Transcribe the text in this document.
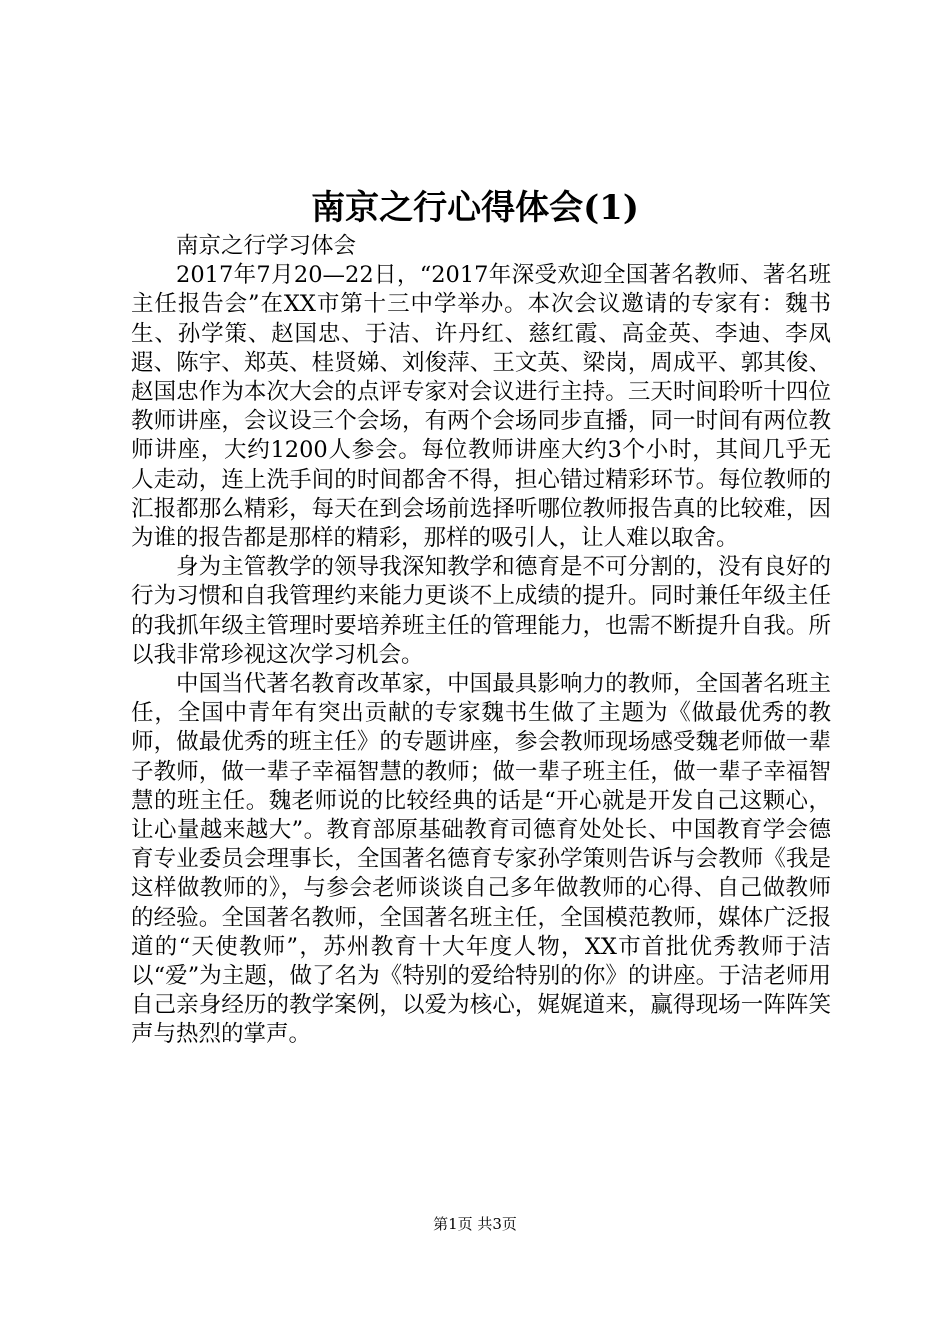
南京之行心得体会(1)

南京之行学习体会

2017年7月20—22日，“2017年深受欢迎全国著名教师、著名班主任报告会”在XX市第十三中学举办。本次会议邀请的专家有：魏书生、孙学策、赵国忠、于洁、许丹红、慈红霞、高金英、李迪、李凤遐、陈宇、郑英、桂贤娣、刘俊萍、王文英、梁岗，周成平、郭其俊、赵国忠作为本次大会的点评专家对会议进行主持。三天时间聆听十四位教师讲座，会议设三个会场，有两个会场同步直播，同一时间有两位教师讲座，大约1200人参会。每位教师讲座大约3个小时，其间几乎无人走动，连上洗手间的时间都舍不得，担心错过精彩环节。每位教师的汇报都那么精彩，每天在到会场前选择听哪位教师报告真的比较难，因为谁的报告都是那样的精彩，那样的吸引人，让人难以取舍。

身为主管教学的领导我深知教学和德育是不可分割的，没有良好的行为习惯和自我管理约来能力更谈不上成绩的提升。同时兼任年级主任的我抓年级主管理时要培养班主任的管理能力，也需不断提升自我。所以我非常珍视这次学习机会。

中国当代著名教育改革家，中国最具影响力的教师，全国著名班主任，全国中青年有突出贡献的专家魏书生做了主题为《做最优秀的教师，做最优秀的班主任》的专题讲座，参会教师现场感受魏老师做一辈子教师，做一辈子幸福智慧的教师；做一辈子班主任，做一辈子幸福智慧的班主任。魏老师说的比较经典的话是“开心就是开发自己这颗心，让心量越来越大”。教育部原基础教育司德育处处长、中国教育学会德育专业委员会理事长，全国著名德育专家孙学策则告诉与会教师《我是这样做教师的》，与参会老师谈谈自己多年做教师的心得、自己做教师的经验。全国著名教师，全国著名班主任，全国模范教师，媒体广泛报道的“天使教师”，苏州教育十大年度人物，XX市首批优秀教师于洁以“爱”为主题，做了名为《特别的爱给特别的你》的讲座。于洁老师用自己亲身经历的教学案例，以爱为核心，娓娓道来，赢得现场一阵阵笑声与热烈的掌声。

第1页 共3页
